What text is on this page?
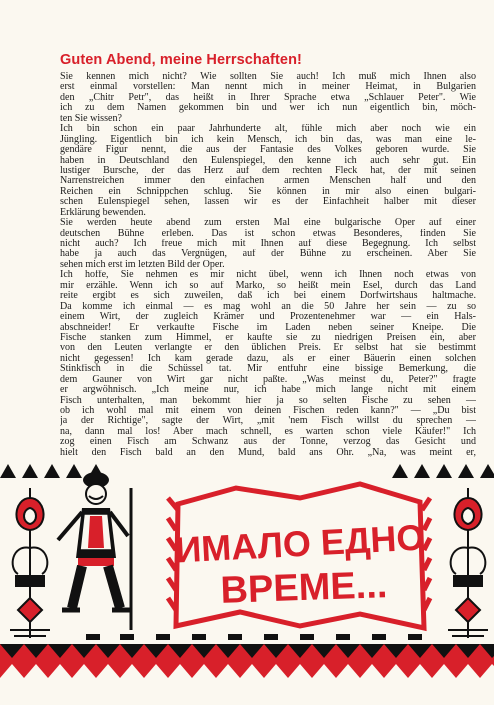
Guten Abend, meine Herrschaften!
Sie kennen mich nicht? Wie sollten Sie auch! Ich muß mich Ihnen also
erst einmal vorstellen: Man nennt mich in meiner Heimat, in Bulgarien
den „Chitr Petr", das heißt in Ihrer Sprache etwa „Schlauer Peter". Wie
ich zu dem Namen gekommen bin und wer ich nun eigentlich bin, möch-
ten Sie wissen?
Ich bin schon ein paar Jahrhunderte alt, fühle mich aber noch wie ein
Jüngling. Eigentlich bin ich kein Mensch, ich bin das, was man eine le-
gendäre Figur nennt, die aus der Fantasie des Volkes geboren wurde. Sie
haben in Deutschland den Eulenspiegel, den kenne ich auch sehr gut. Ein
lustiger Bursche, der das Herz auf dem rechten Fleck hat, der mit seinen
Narrenstreichen immer den einfachen armen Menschen half und den
Reichen ein Schnippchen schlug. Sie können in mir also einen bulgari-
schen Eulenspiegel sehen, lassen wir es der Einfachheit halber mit dieser
Erklärung bewenden.
Sie werden heute abend zum ersten Mal eine bulgarische Oper auf einer
deutschen Bühne erleben. Das ist schon etwas Besonderes, finden Sie
nicht auch? Ich freue mich mit Ihnen auf diese Begegnung. Ich selbst
habe ja auch das Vergnügen, auf der Bühne zu erscheinen. Aber Sie
sehen mich erst im letzten Bild der Oper.
Ich hoffe, Sie nehmen es mir nicht übel, wenn ich Ihnen noch etwas von
mir erzähle. Wenn ich so auf Marko, so heißt mein Esel, durch das Land
reite ergibt es sich zuweilen, daß ich bei einem Dorfwirtshaus haltmache.
Da komme ich einmal — es mag wohl an die 50 Jahre her sein — zu so
einem Wirt, der zugleich Krämer und Prozentenehmer war — ein Hals-
abschneider! Er verkaufte Fische im Laden neben seiner Kneipe. Die
Fische stanken zum Himmel, er kaufte sie zu niedrigen Preisen ein, aber
von den Leuten verlangte er den üblichen Preis. Er selbst hat sie bestimmt
nicht gegessen! Ich kam gerade dazu, als er einer Bäuerin einen solchen
Stinkfisch in die Schüssel tat. Mir entfuhr eine bissige Bemerkung, die
dem Gauner von Wirt gar nicht paßte. „Was meinst du, Peter?" fragte
er argwöhnisch. „Ich meine nur, ich habe mich lange nicht mit einem
Fisch unterhalten, man bekommt hier ja so selten Fische zu sehen —
ob ich wohl mal mit einem von deinen Fischen reden kann?" — „Du bist
ja der Richtige", sagte der Wirt, „mit 'nem Fisch willst du sprechen —
na, dann mal los! Aber mach schnell, es warten schon viele Käufer!" Ich
zog einen Fisch am Schwanz aus der Tonne, verzog das Gesicht und
hielt den Fisch bald an den Mund, bald ans Ohr. „Na, was meint er,
ИМАЛО ЕДНО
ВРЕМЕ...
